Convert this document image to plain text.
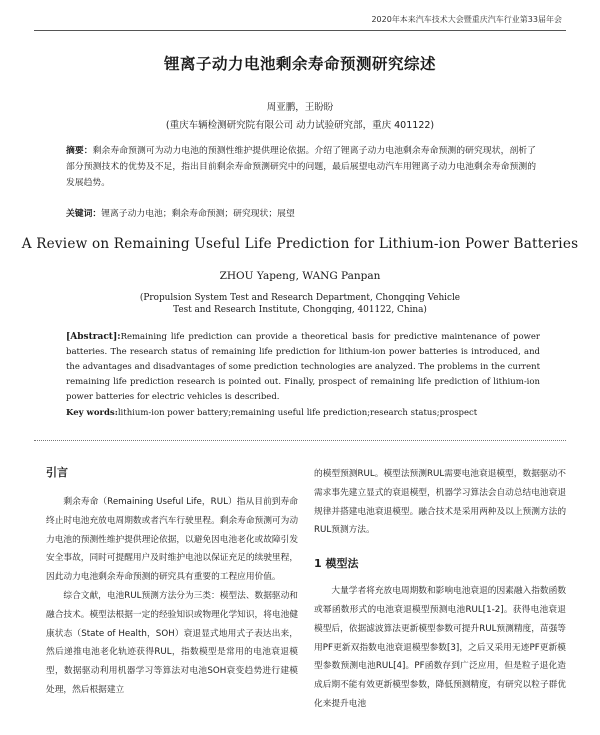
2020年本来汽车技术大会暨重庆汽车行业第33届年会
锂离子动力电池剩余寿命预测研究综述
周亚鹏，王盼盼
(重庆车辆检测研究院有限公司 动力试验研究部，重庆 401122)
摘要：剩余寿命预测可为动力电池的预测性维护提供理论依据。介绍了锂离子动力电池剩余寿命预测的研究现状，剖析了部分预测技术的优势及不足，指出目前剩余寿命预测研究中的问题，最后展望电动汽车用锂离子动力电池剩余寿命预测的发展趋势。
关键词：锂离子动力电池；剩余寿命预测；研究现状；展望
A Review on Remaining Useful Life Prediction for Lithium-ion Power Batteries
ZHOU Yapeng, WANG Panpan
(Propulsion System Test and Research Department, Chongqing Vehicle
Test and Research Institute, Chongqing, 401122, China)
[Abstract]:Remaining life prediction can provide a theoretical basis for predictive maintenance of power batteries. The research status of remaining life prediction for lithium-ion power batteries is introduced, and the advantages and disadvantages of some prediction technologies are analyzed. The problems in the current remaining life prediction research is pointed out. Finally, prospect of remaining life prediction of lithium-ion power batteries for electric vehicles is described.
Key words:lithium-ion power battery;remaining useful life prediction;research status;prospect
引言

剩余寿命（Remaining Useful Life，RUL）指从目前到寿命终止时电池充放电周期数或者汽车行驶里程。剩余寿命预测可为动力电池的预测性维护提供理论依据，以避免因电池老化或故障引发安全事故，同时可提醒用户及时维护电池以保证充足的续驶里程，因此动力电池剩余寿命预测的研究具有重要的工程应用价值。

综合文献，电池RUL预测方法分为三类：模型法、数据驱动和融合技术。模型法根据一定的经验知识或物理化学知识，将电池健康状态（State of Health，SOH）衰退显式地用式子表达出来，然后递推电池老化轨迹获得RUL，指数模型是常用的电池衰退模型，数据驱动利用机器学习等算法对电池SOH衰变趋势进行建模处理，然后根据建立

的模型预测RUL。模型法预测RUL需要电池衰退模型，数据驱动不需求事先建立显式的衰退模型，机器学习算法会自动总结电池衰退规律并搭建电池衰退模型。融合技术是采用两种及以上预测方法的RUL预测方法。

1 模型法

大量学者将充放电周期数和影响电池衰退的因素融入指数函数或幂函数形式的电池衰退模型预测电池RUL[1-2]。获得电池衰退模型后，依据滤波算法更新模型参数可提升RUL预测精度，苗强等用PF更新双指数电池衰退模型参数[3]，之后又采用无迹PF更新模型参数预测电池RUL[4]。PF函数存到广泛应用，但是粒子退化造成后期不能有效更新模型参数，降低预测精度，有研究以粒子群优化来提升电池
